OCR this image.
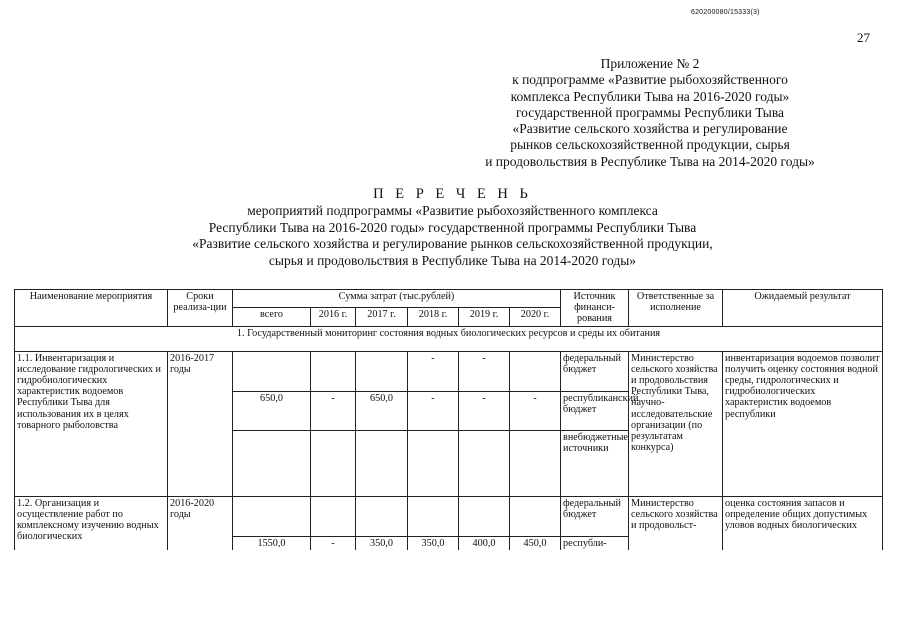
620200080/15333(3)
27
Приложение № 2
к подпрограмме «Развитие рыбохозяйственного
комплекса Республики Тыва на 2016-2020 годы»
государственной программы Республики Тыва
«Развитие сельского хозяйства и регулирование
рынков сельскохозяйственной продукции, сырья
и продовольствия в Республике Тыва на 2014-2020 годы»
П Е Р Е Ч Е Н Ь
мероприятий подпрограммы «Развитие рыбохозяйственного комплекса
Республики Тыва на 2016-2020 годы» государственной программы Республики Тыва
«Развитие сельского хозяйства и регулирование рынков сельскохозяйственной продукции,
сырья и продовольствия в Республике Тыва на 2014-2020 годы»
Наименование мероприятия	Сроки реализа-ции	Сумма затрат (тыс.рублей)						Источник финанси-рования	Ответственные за исполнение	Ожидаемый результат
		всего	2016 г.	2017 г.	2018 г.	2019 г.	2020 г.			
1. Государственный мониторинг состояния водных биологических ресурсов и среды их обитания										
1.1. Инвентаризация и исследование гидрологических и гидробиологических характеристик водоемов Республики Тыва для использования их в целях товарного рыболовства	2016-2017 годы				-	-		федеральный бюджет	Министерство сельского хозяйства и продовольствия Республики Тыва, научно-исследовательские организации (по результатам конкурса)	инвентаризация водоемов позволит получить оценку состояния водной среды, гидрологических и гидробиологических характеристик водоемов республики
		650,0	-	650,0	-	-	-	республиканский бюджет		
								внебюджетные источники		
1.2. Организация и осуществление работ по комплексному изучению водных биологических	2016-2020 годы							федеральный бюджет	Министерство сельского хозяйства и продовольст-	оценка состояния запасов и определение общих допустимых уловов водных биологических
		1550,0	-	350,0	350,0	400,0	450,0	республи-		
